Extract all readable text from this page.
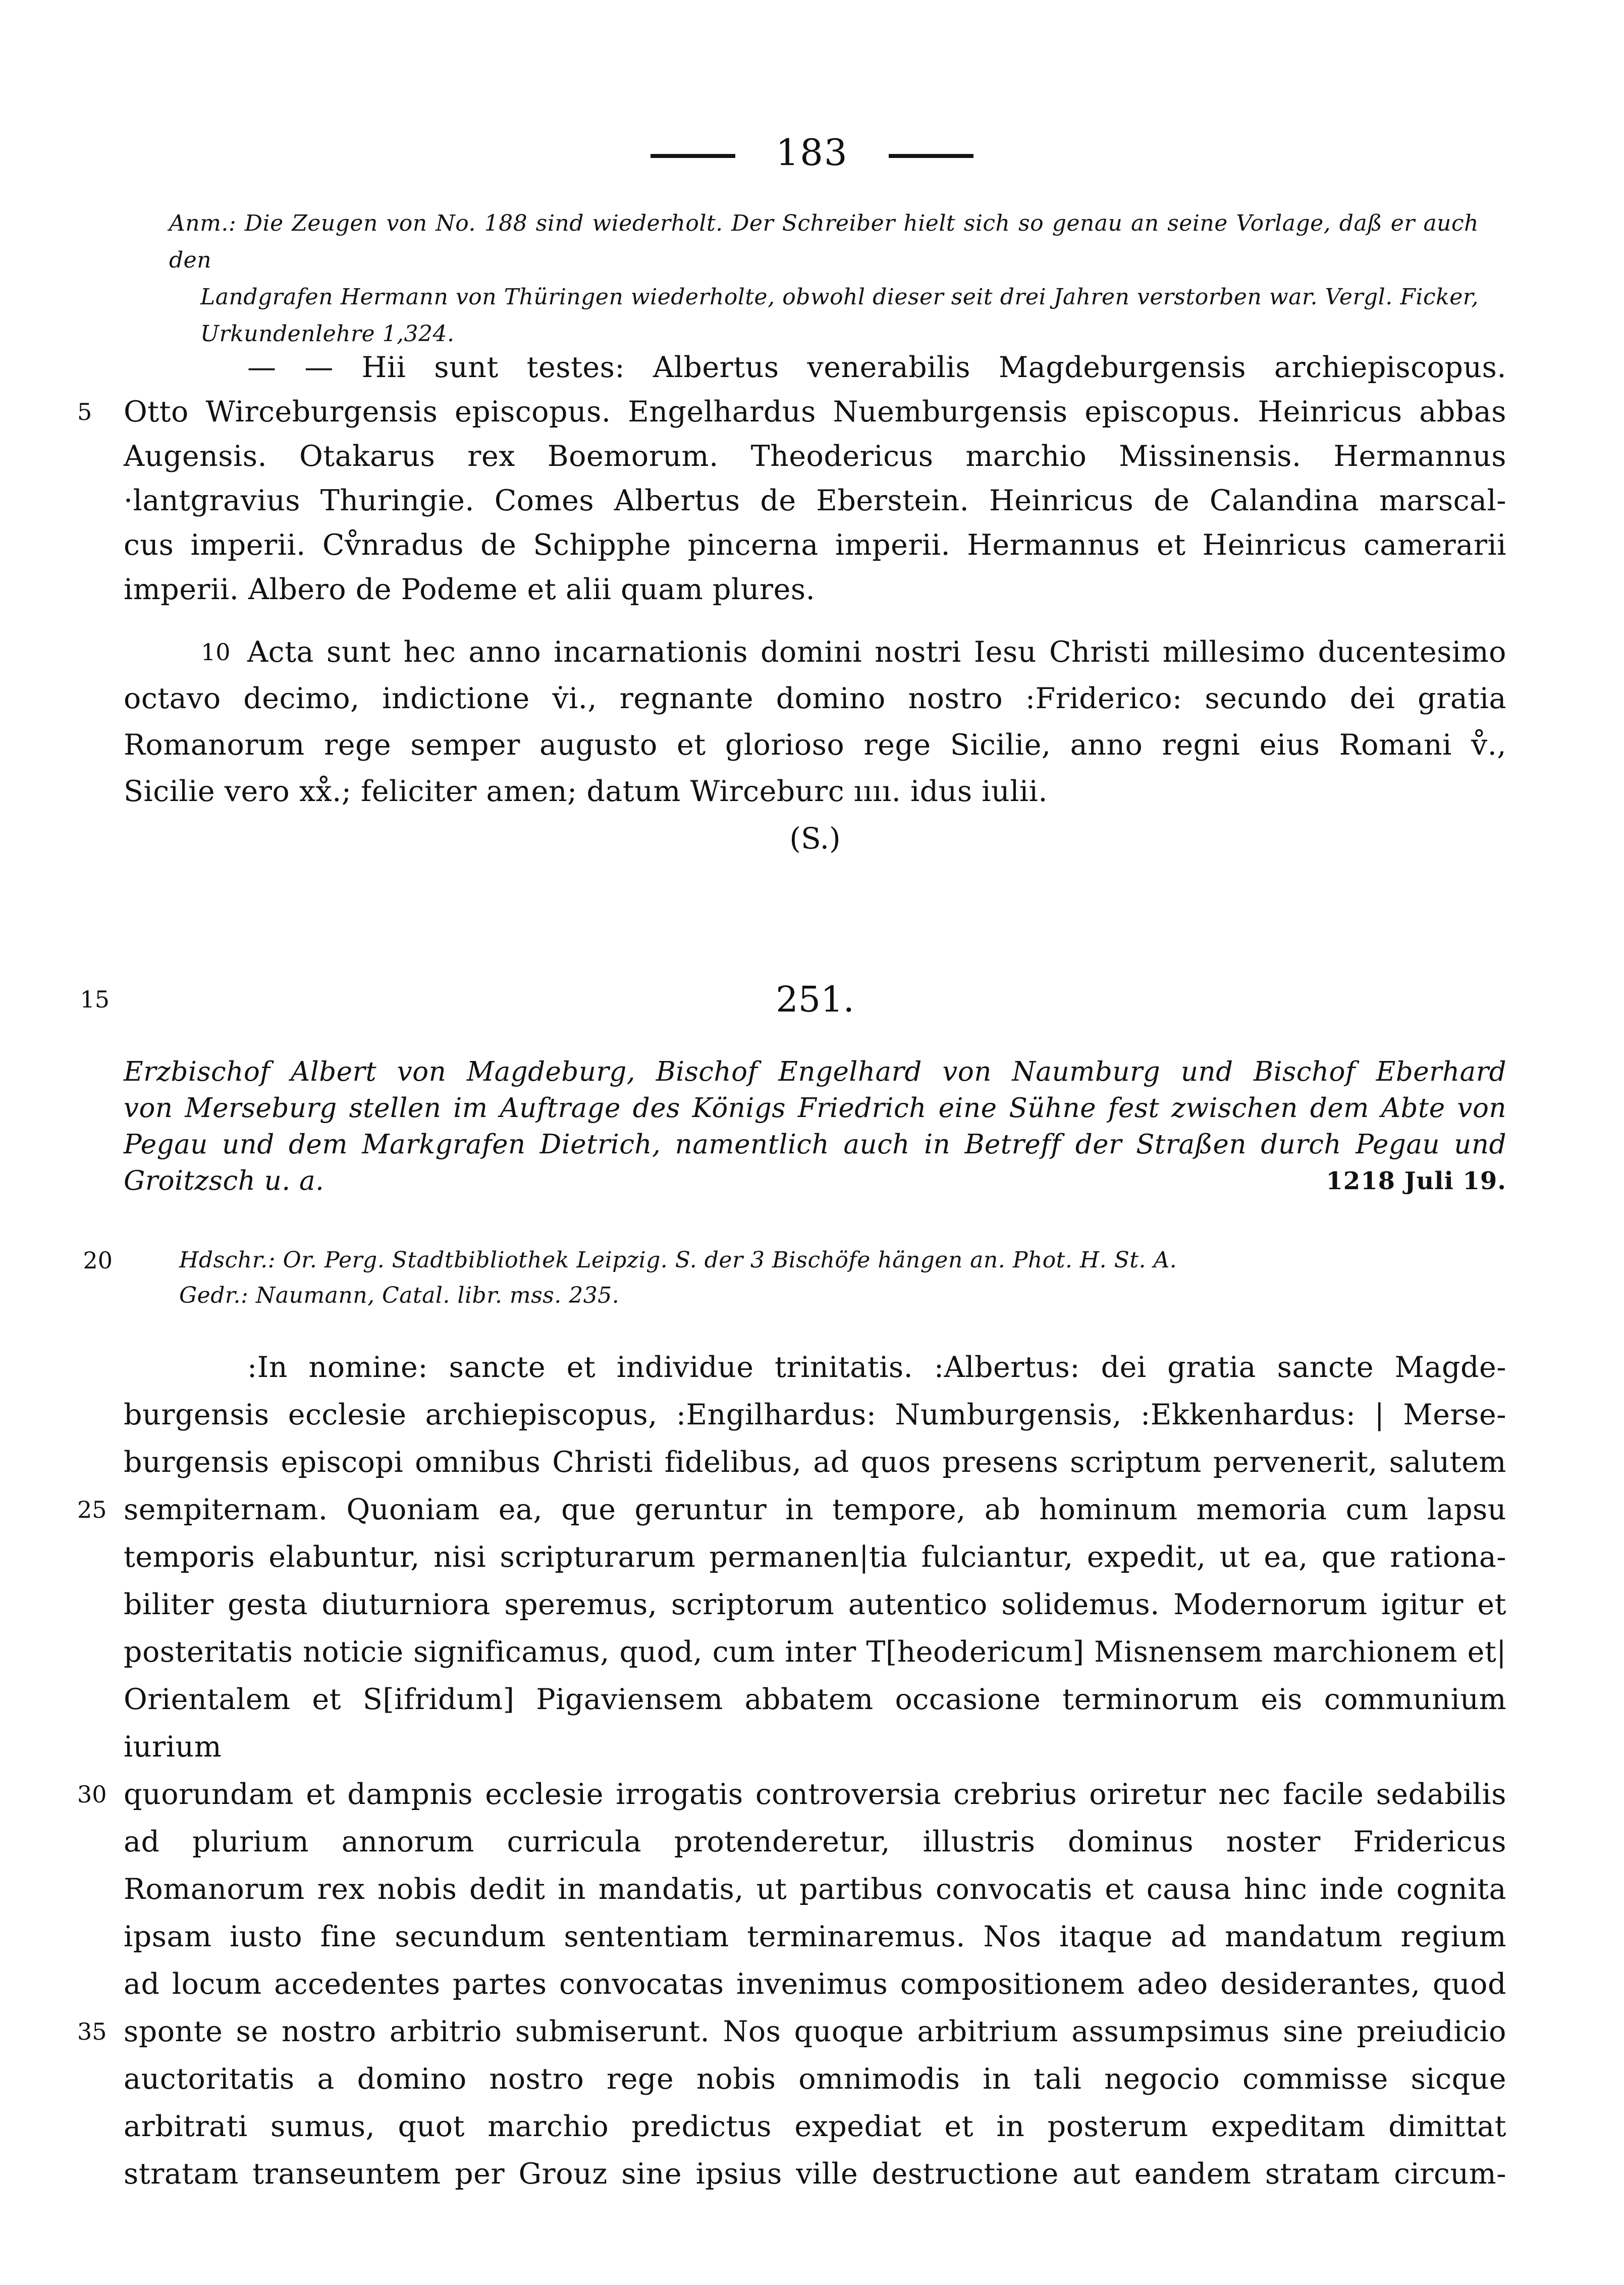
183
Anm.: Die Zeugen von No. 188 sind wiederholt. Der Schreiber hielt sich so genau an seine Vorlage, daß er auch den
Landgrafen Hermann von Thüringen wiederholte, obwohl dieser seit drei Jahren verstorben war. Vergl. Ficker,
Urkundenlehre 1,324.
— — Hii sunt testes: Albertus venerabilis Magdeburgensis archiepiscopus.
5	Otto Wirceburgensis episcopus. Engelhardus Nuemburgensis episcopus. Heinricus abbas
Augensis. Otakarus rex Boemorum. Theodericus marchio Missinensis. Hermannus
·lantgravius Thuringie. Comes Albertus de Eberstein. Heinricus de Calandina marscal-
cus imperii. Cv̊nradus de Schipphe pincerna imperii. Hermannus et Heinricus camerarii
imperii. Albero de Podeme et alii quam plures.
10 Acta sunt hec anno incarnationis domini nostri Iesu Christi millesimo ducentesimo
octavo decimo, indictione v̇i., regnante domino nostro :Friderico: secundo dei gratia
Romanorum rege semper augusto et glorioso rege Sicilie, anno regni eius Romani v̊.,
Sicilie vero xx̊.; feliciter amen; datum Wirceburc ıııı. idus iulii.
(S.)
15	251.
Erzbischof Albert von Magdeburg, Bischof Engelhard von Naumburg und Bischof Eberhard
von Merseburg stellen im Auftrage des Königs Friedrich eine Sühne fest zwischen dem Abte von
Pegau und dem Markgrafen Dietrich, namentlich auch in Betreff der Straßen durch Pegau und
Groitzsch u. a.	1218 Juli 19.
20	Hdschr.: Or. Perg. Stadtbibliothek Leipzig. S. der 3 Bischöfe hängen an. Phot. H. St. A.
Gedr.: Naumann, Catal. libr. mss. 235.
:In nomine: sancte et individue trinitatis. :Albertus: dei gratia sancte Magde-
burgensis ecclesie archiepiscopus, :Engilhardus: Numburgensis, :Ekkenhardus: | Merse-
burgensis episcopi omnibus Christi fidelibus, ad quos presens scriptum pervenerit, salutem
25 sempiternam. Quoniam ea, que geruntur in tempore, ab hominum memoria cum lapsu
temporis elabuntur, nisi scripturarum permanen|tia fulciantur, expedit, ut ea, que rationa-
biliter gesta diuturniora speremus, scriptorum autentico solidemus. Modernorum igitur et
posteritatis noticie significamus, quod, cum inter T[heodericum] Misnensem marchionem et|
Orientalem et S[ifridum] Pigaviensem abbatem occasione terminorum eis communium iurium
30 quorundam et dampnis ecclesie irrogatis controversia crebrius oriretur nec facile sedabilis
ad plurium annorum curricula protenderetur, illustris dominus noster Fridericus
Romanorum rex nobis dedit in mandatis, ut partibus convocatis et causa hinc inde cognita
ipsam iusto fine secundum sententiam terminaremus. Nos itaque ad mandatum regium
ad locum accedentes partes convocatas invenimus compositionem adeo desiderantes, quod
35 sponte se nostro arbitrio submiserunt. Nos quoque arbitrium assumpsimus sine preiudicio
auctoritatis a domino nostro rege nobis omnimodis in tali negocio commisse sicque
arbitrati sumus, quot marchio predictus expediat et in posterum expeditam dimittat
stratam transeuntem per Grouz sine ipsius ville destructione aut eandem stratam circum-
